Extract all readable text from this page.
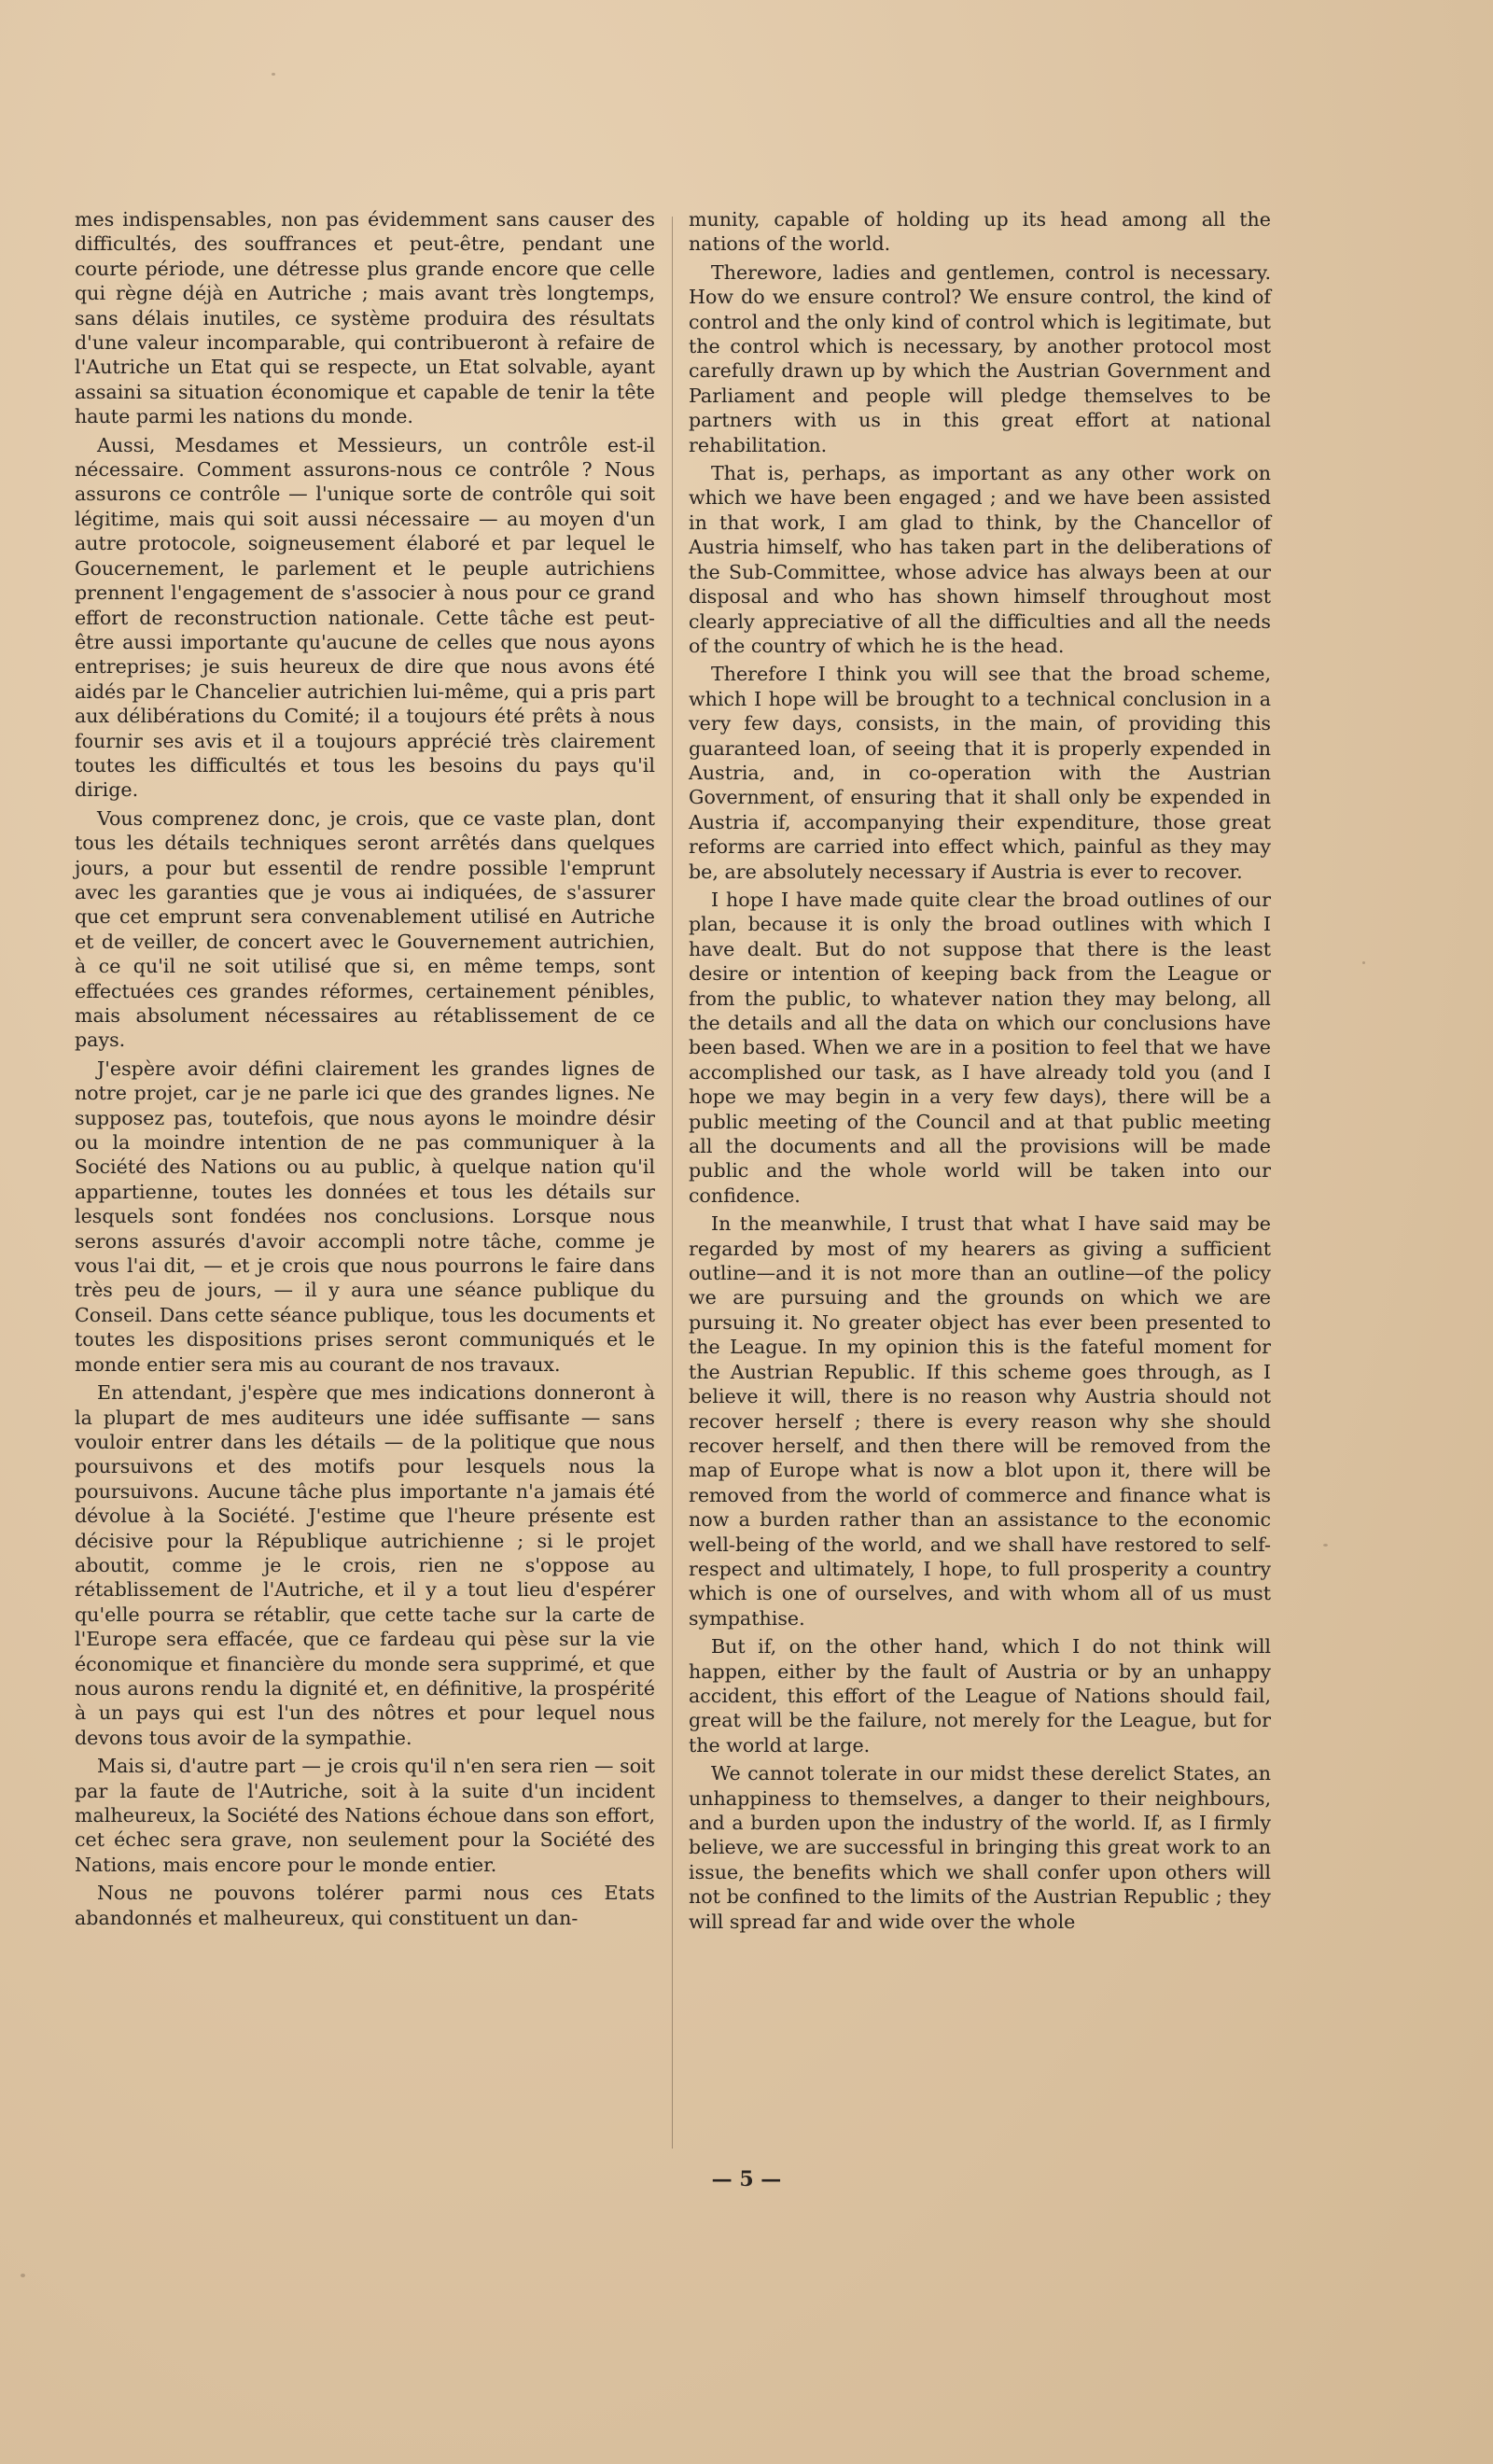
mes indispensables, non pas évidemment sans causer des difficultés, des souffrances et peut-être, pendant une courte période, une détresse plus grande encore que celle qui règne déjà en Autriche ; mais avant très longtemps, sans délais inutiles, ce système produira des résultats d'une valeur incomparable, qui contribueront à refaire de l'Autriche un Etat qui se respecte, un Etat solvable, ayant assaini sa situation économique et capable de tenir la tête haute parmi les nations du monde.

Aussi, Mesdames et Messieurs, un contrôle est-il nécessaire. Comment assurons-nous ce contrôle ? Nous assurons ce contrôle — l'unique sorte de contrôle qui soit légitime, mais qui soit aussi nécessaire — au moyen d'un autre protocole, soigneusement élaboré et par lequel le Goucernement, le parlement et le peuple autrichiens prennent l'engagement de s'associer à nous pour ce grand effort de reconstruction nationale. Cette tâche est peut-être aussi importante qu'aucune de celles que nous ayons entreprises; je suis heureux de dire que nous avons été aidés par le Chancelier autrichien lui-même, qui a pris part aux délibérations du Comité; il a toujours été prêts à nous fournir ses avis et il a toujours apprécié très clairement toutes les difficultés et tous les besoins du pays qu'il dirige.

Vous comprenez donc, je crois, que ce vaste plan, dont tous les détails techniques seront arrêtés dans quelques jours, a pour but essentil de rendre possible l'emprunt avec les garanties que je vous ai indiquées, de s'assurer que cet emprunt sera convenablement utilisé en Autriche et de veiller, de concert avec le Gouvernement autrichien, à ce qu'il ne soit utilisé que si, en même temps, sont effectuées ces grandes réformes, certainement pénibles, mais absolument nécessaires au rétablissement de ce pays.

J'espère avoir défini clairement les grandes lignes de notre projet, car je ne parle ici que des grandes lignes. Ne supposez pas, toutefois, que nous ayons le moindre désir ou la moindre intention de ne pas communiquer à la Société des Nations ou au public, à quelque nation qu'il appartienne, toutes les données et tous les détails sur lesquels sont fondées nos conclusions. Lorsque nous serons assurés d'avoir accompli notre tâche, comme je vous l'ai dit, — et je crois que nous pourrons le faire dans très peu de jours, — il y aura une séance publique du Conseil. Dans cette séance publique, tous les documents et toutes les dispositions prises seront communiqués et le monde entier sera mis au courant de nos travaux.

En attendant, j'espère que mes indications donneront à la plupart de mes auditeurs une idée suffisante — sans vouloir entrer dans les détails — de la politique que nous poursuivons et des motifs pour lesquels nous la poursuivons. Aucune tâche plus importante n'a jamais été dévolue à la Société. J'estime que l'heure présente est décisive pour la République autrichienne ; si le projet aboutit, comme je le crois, rien ne s'oppose au rétablissement de l'Autriche, et il y a tout lieu d'espérer qu'elle pourra se rétablir, que cette tache sur la carte de l'Europe sera effacée, que ce fardeau qui pèse sur la vie économique et financière du monde sera supprimé, et que nous aurons rendu la dignité et, en définitive, la prospérité à un pays qui est l'un des nôtres et pour lequel nous devons tous avoir de la sympathie.

Mais si, d'autre part — je crois qu'il n'en sera rien — soit par la faute de l'Autriche, soit à la suite d'un incident malheureux, la Société des Nations échoue dans son effort, cet échec sera grave, non seulement pour la Société des Nations, mais encore pour le monde entier.

Nous ne pouvons tolérer parmi nous ces Etats abandonnés et malheureux, qui constituent un dan-

munity, capable of holding up its head among all the nations of the world.

Therewore, ladies and gentlemen, control is necessary. How do we ensure control? We ensure control, the kind of control and the only kind of control which is legitimate, but the control which is necessary, by another protocol most carefully drawn up by which the Austrian Government and Parliament and people will pledge themselves to be partners with us in this great effort at national rehabilitation.

That is, perhaps, as important as any other work on which we have been engaged ; and we have been assisted in that work, I am glad to think, by the Chancellor of Austria himself, who has taken part in the deliberations of the Sub-Committee, whose advice has always been at our disposal and who has shown himself throughout most clearly appreciative of all the difficulties and all the needs of the country of which he is the head.

Therefore I think you will see that the broad scheme, which I hope will be brought to a technical conclusion in a very few days, consists, in the main, of providing this guaranteed loan, of seeing that it is properly expended in Austria, and, in co-operation with the Austrian Government, of ensuring that it shall only be expended in Austria if, accompanying their expenditure, those great reforms are carried into effect which, painful as they may be, are absolutely necessary if Austria is ever to recover.

I hope I have made quite clear the broad outlines of our plan, because it is only the broad outlines with which I have dealt. But do not suppose that there is the least desire or intention of keeping back from the League or from the public, to whatever nation they may belong, all the details and all the data on which our conclusions have been based. When we are in a position to feel that we have accomplished our task, as I have already told you (and I hope we may begin in a very few days), there will be a public meeting of the Council and at that public meeting all the documents and all the provisions will be made public and the whole world will be taken into our confidence.

In the meanwhile, I trust that what I have said may be regarded by most of my hearers as giving a sufficient outline—and it is not more than an outline—of the policy we are pursuing and the grounds on which we are pursuing it. No greater object has ever been presented to the League. In my opinion this is the fateful moment for the Austrian Republic. If this scheme goes through, as I believe it will, there is no reason why Austria should not recover herself ; there is every reason why she should recover herself, and then there will be removed from the map of Europe what is now a blot upon it, there will be removed from the world of commerce and finance what is now a burden rather than an assistance to the economic well-being of the world, and we shall have restored to self-respect and ultimately, I hope, to full prosperity a country which is one of ourselves, and with whom all of us must sympathise.

But if, on the other hand, which I do not think will happen, either by the fault of Austria or by an unhappy accident, this effort of the League of Nations should fail, great will be the failure, not merely for the League, but for the world at large.

We cannot tolerate in our midst these derelict States, an unhappiness to themselves, a danger to their neighbours, and a burden upon the industry of the world. If, as I firmly believe, we are successful in bringing this great work to an issue, the benefits which we shall confer upon others will not be confined to the limits of the Austrian Republic ; they will spread far and wide over the whole

— 5 —
